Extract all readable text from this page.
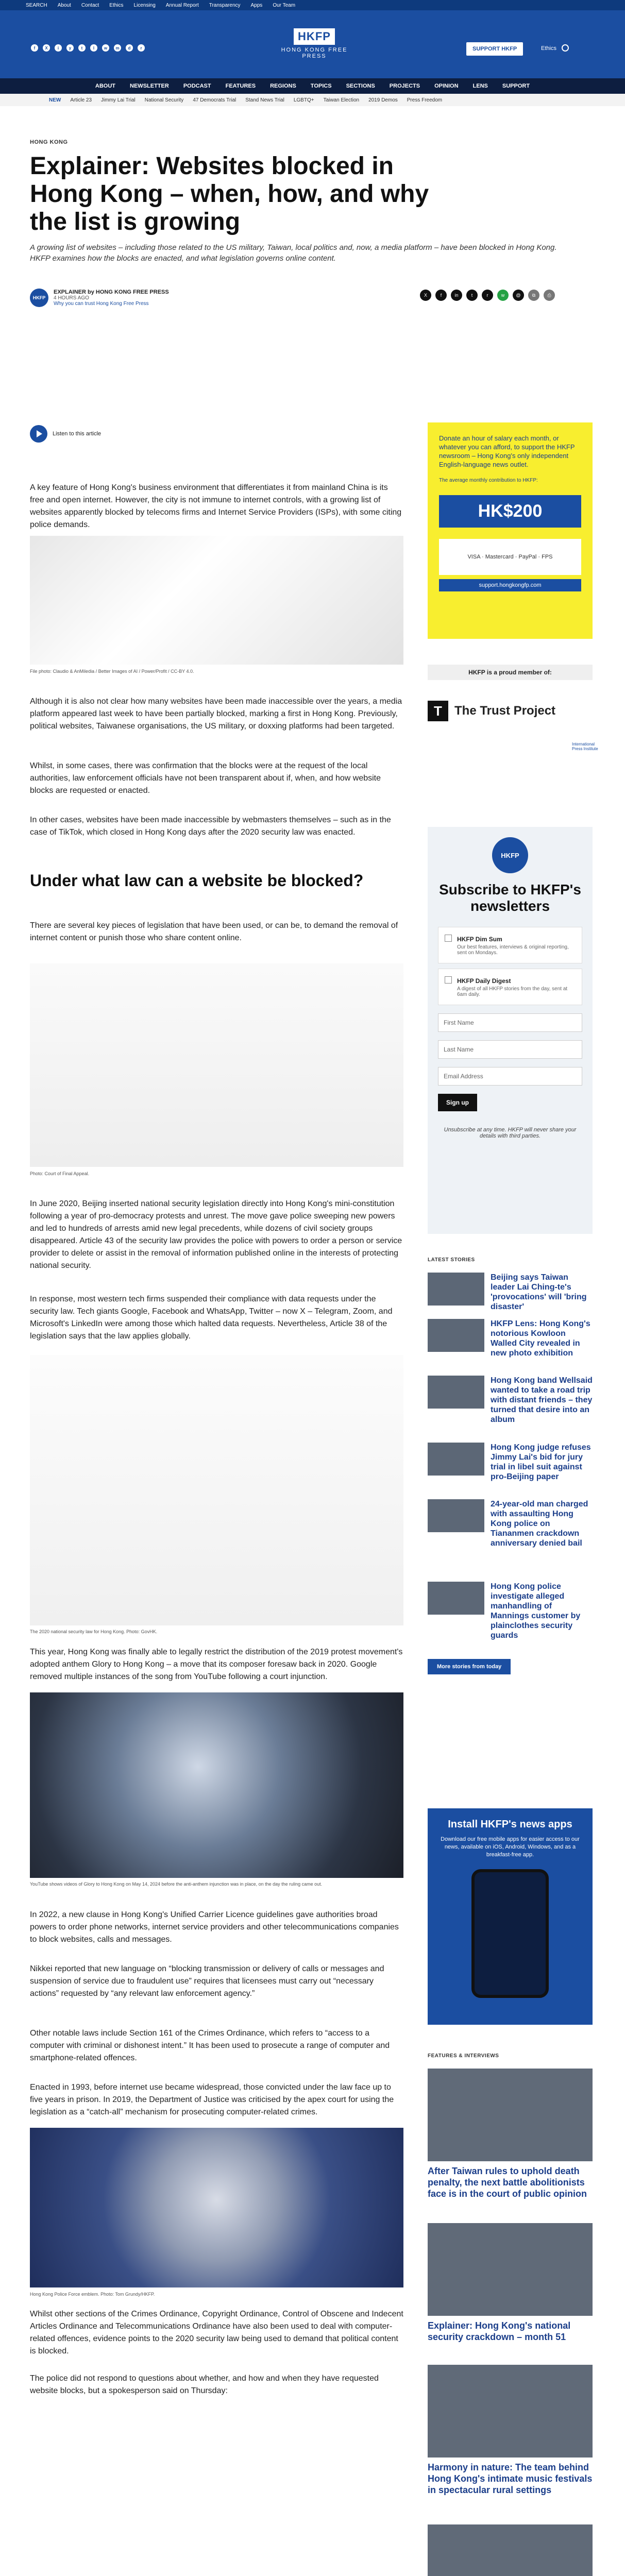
SEARCH About Contact Ethics Licensing Annual Report Transparency Apps Our Team
f	X	i	y	t	l	w	m	d	r
HKFP
HONG KONG FREE PRESS
SUPPORT HKFP	Ethics
ABOUT	NEWSLETTER	PODCAST	FEATURES	REGIONS	TOPICS	SECTIONS	PROJECTS	OPINION	LENS	SUPPORT
NEW Article 23 Jimmy Lai Trial National Security 47 Democrats Trial Stand News Trial LGBTQ+ Taiwan Election 2019 Demos Press Freedom
HONG KONG
Explainer: Websites blocked in Hong Kong – when, how, and why the list is growing

A growing list of websites – including those related to the US military, Taiwan, local politics and, now, a media platform – have been blocked in Hong Kong. HKFP examines how the blocks are enacted, and what legislation governs online content.

HKFP
EXPLAINER by HONG KONG FREE PRESS
4 HOURS AGO
Why you can trust Hong Kong Free Press
X	f	in	t	r	w	@	⧉	⎙
Listen to this article

A key feature of Hong Kong's business environment that differentiates it from mainland China is its free and open internet. However, the city is not immune to internet controls, with a growing list of websites apparently blocked by telecoms firms and Internet Service Providers (ISPs), with some citing police demands.

File photo: Claudio & AnMiledia / Better Images of AI / Power/Profit / CC-BY 4.0.

Although it is also not clear how many websites have been made inaccessible over the years, a media platform appeared last week to have been partially blocked, marking a first in Hong Kong. Previously, political websites, Taiwanese organisations, the US military, or doxxing platforms had been targeted.

Whilst, in some cases, there was confirmation that the blocks were at the request of the local authorities, law enforcement officials have not been transparent about if, when, and how website blocks are requested or enacted.

In other cases, websites have been made inaccessible by webmasters themselves – such as in the case of TikTok, which closed in Hong Kong days after the 2020 security law was enacted.

Under what law can a website be blocked?

There are several key pieces of legislation that have been used, or can be, to demand the removal of internet content or punish those who share content online.

Photo: Court of Final Appeal.

In June 2020, Beijing inserted national security legislation directly into Hong Kong's mini-constitution following a year of pro-democracy protests and unrest. The move gave police sweeping new powers and led to hundreds of arrests amid new legal precedents, while dozens of civil society groups disappeared. Article 43 of the security law provides the police with powers to order a person or service provider to delete or assist in the removal of information published online in the interests of protecting national security.

In response, most western tech firms suspended their compliance with data requests under the security law. Tech giants Google, Facebook and WhatsApp, Twitter – now X – Telegram, Zoom, and Microsoft's LinkedIn were among those which halted data requests. Nevertheless, Article 38 of the legislation says that the law applies globally.

The 2020 national security law for Hong Kong. Photo: GovHK.

This year, Hong Kong was finally able to legally restrict the distribution of the 2019 protest movement's adopted anthem Glory to Hong Kong – a move that its composer foresaw back in 2020. Google removed multiple instances of the song from YouTube following a court injunction.

YouTube shows videos of Glory to Hong Kong on May 14, 2024 before the anti-anthem injunction was in place, on the day the ruling came out.

In 2022, a new clause in Hong Kong's Unified Carrier Licence guidelines gave authorities broad powers to order phone networks, internet service providers and other telecommunications companies to block websites, calls and messages.

Nikkei reported that new language on “blocking transmission or delivery of calls or messages and suspension of service due to fraudulent use” requires that licensees must carry out “necessary actions” requested by “any relevant law enforcement agency.”

Other notable laws include Section 161 of the Crimes Ordinance, which refers to “access to a computer with criminal or dishonest intent.” It has been used to prosecute a range of computer and smartphone-related offences.

Enacted in 1993, before internet use became widespread, those convicted under the law face up to five years in prison. In 2019, the Department of Justice was criticised by the apex court for using the legislation as a “catch-all” mechanism for prosecuting computer-related crimes.

Hong Kong Police Force emblem. Photo: Tom Grundy/HKFP.

Whilst other sections of the Crimes Ordinance, Copyright Ordinance, Control of Obscene and Indecent Articles Ordinance and Telecommunications Ordinance have also been used to deal with computer-related offences, evidence points to the 2020 security law being used to demand that political content is blocked.

The police did not respond to questions about whether, and how and when they have requested website blocks, but a spokesperson said on Thursday:

Donate an hour of salary each month, or whatever you can afford, to support the HKFP newsroom – Hong Kong's only independent English-language news outlet.

The average monthly contribution to HKFP:

HK$200
VISA · Mastercard · PayPal · FPS
support.hongkongfp.com
HKFP is a proud member of:
T	The Trust Project
International Press Institute
HKFP
Subscribe to HKFP's newsletters
HKFP Dim Sum
Our best features, interviews & original reporting, sent on Mondays.
HKFP Daily Digest
A digest of all HKFP stories from the day, sent at 6am daily.
First Name
Last Name
Email Address
Sign up
Unsubscribe at any time. HKFP will never share your details with third parties.
LATEST STORIES
Beijing says Taiwan leader Lai Ching-te's 'provocations' will 'bring disaster'
HKFP Lens: Hong Kong's notorious Kowloon Walled City revealed in new photo exhibition
Hong Kong band Wellsaid wanted to take a road trip with distant friends – they turned that desire into an album
Hong Kong judge refuses Jimmy Lai's bid for jury trial in libel suit against pro-Beijing paper
24-year-old man charged with assaulting Hong Kong police on Tiananmen crackdown anniversary denied bail
Hong Kong police investigate alleged manhandling of Mannings customer by plainclothes security guards
More stories from today
Install HKFP's news apps
Download our free mobile apps for easier access to our news, available on iOS, Android, Windows, and as a breakfast-free app.
FEATURES & INTERVIEWS
After Taiwan rules to uphold death penalty, the next battle abolitionists face is in the court of public opinion
Explainer: Hong Kong's national security crackdown – month 51
Harmony in nature: The team behind Hong Kong's intimate music festivals in spectacular rural settings
